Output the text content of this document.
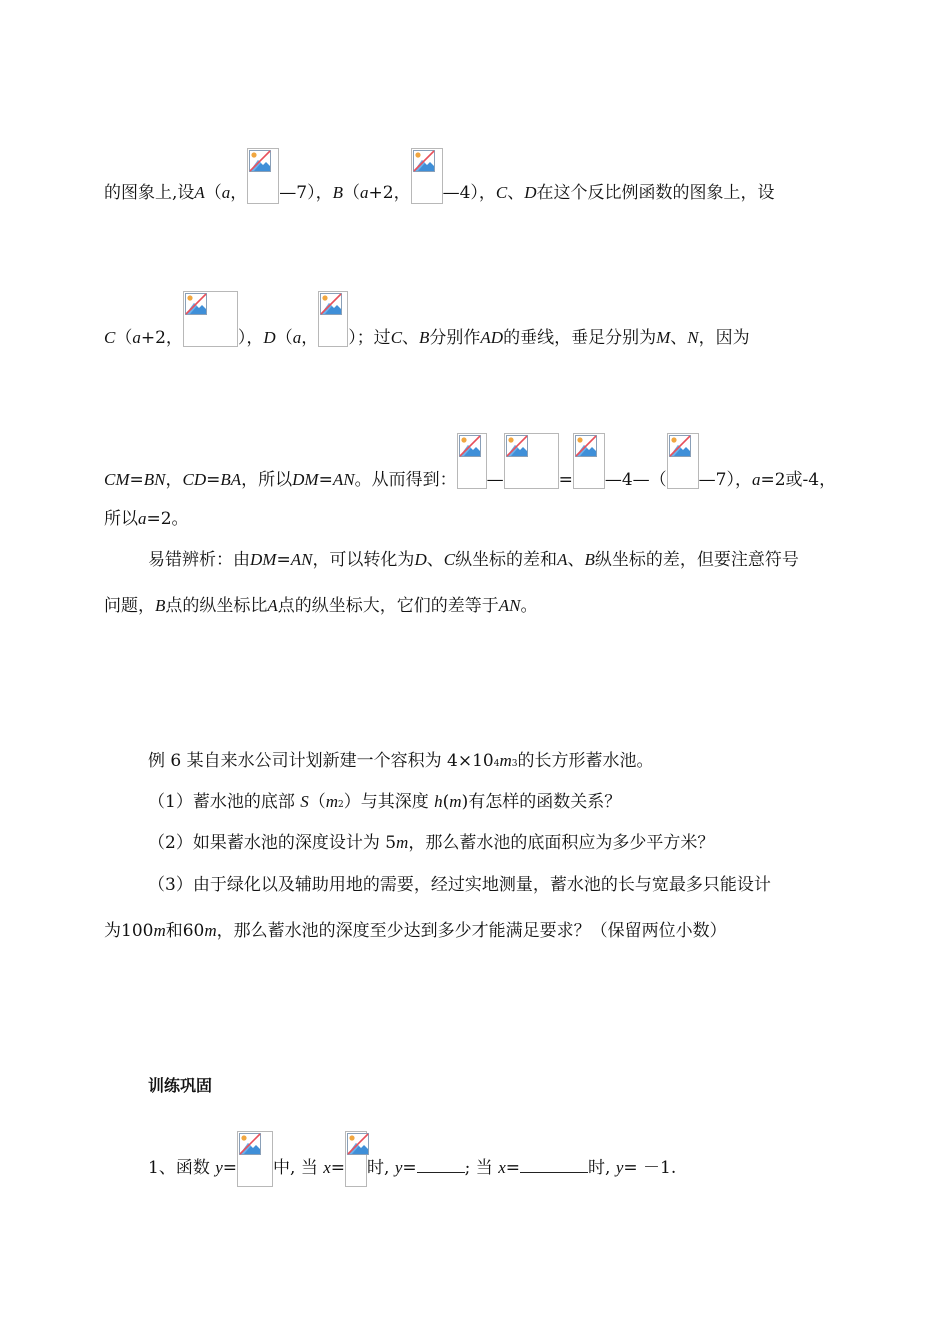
的图象上,设A（a， —7），B（a+2， —4），C、D在这个反比例函数的图象上，设
C（a+2，	），D（a， ）；过C、B分别作AD的垂线，垂足分别为M、N，因为
CM=BN，CD=BA，所以DM=AN。从而得到： —	= —4—（ —7），a=2或-4，
所以a=2。
易错辨析：由DM=AN，可以转化为D、C纵坐标的差和A、B纵坐标的差，但要注意符号
问题，B点的纵坐标比A点的纵坐标大，它们的差等于AN。
例 6 某自来水公司计划新建一个容积为 4×104m3的长方形蓄水池。
（1）蓄水池的底部 S（m2）与其深度 h(m)有怎样的函数关系？
（2）如果蓄水池的深度设计为 5m，那么蓄水池的底面积应为多少平方米？
（3）由于绿化以及辅助用地的需要，经过实地测量，蓄水池的长与宽最多只能设计
为100m和60m，那么蓄水池的深度至少达到多少才能满足要求？（保留两位小数）
训练巩固
1、函数 y= 中, 当 x= 时, y=	; 当 x=	时, y= －1.
